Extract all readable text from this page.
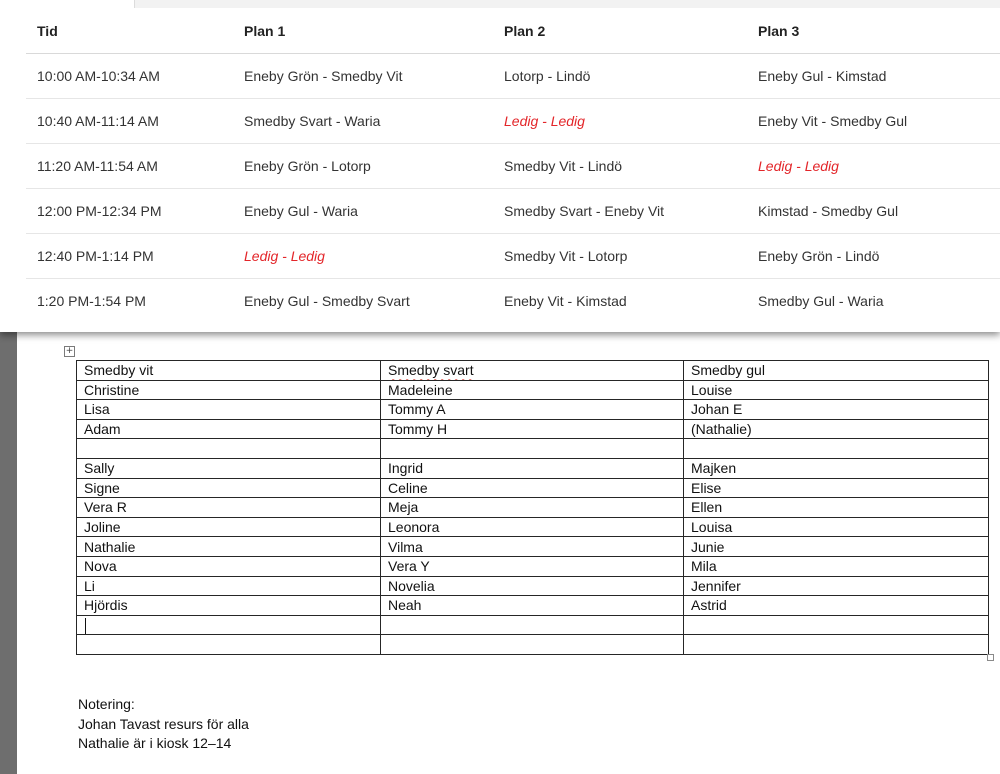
+
Smedby vit	Smedby svart	Smedby gul
Christine	Madeleine	Louise
Lisa	Tommy A	Johan E
Adam	Tommy H	(Nathalie)

Sally	Ingrid	Majken
Signe	Celine	Elise
Vera R	Meja	Ellen
Joline	Leonora	Louisa
Nathalie	Vilma	Junie
Nova	Vera Y	Mila
Li	Novelia	Jennifer
Hjördis	Neah	Astrid

Notering:
Johan Tavast resurs för alla
Nathalie är i kiosk 12–14
Tid	Plan 1	Plan 2	Plan 3
10:00 AM-10:34 AM	Eneby Grön - Smedby Vit	Lotorp - Lindö	Eneby Gul - Kimstad
10:40 AM-11:14 AM	Smedby Svart - Waria	Ledig - Ledig	Eneby Vit - Smedby Gul
11:20 AM-11:54 AM	Eneby Grön - Lotorp	Smedby Vit - Lindö	Ledig - Ledig
12:00 PM-12:34 PM	Eneby Gul - Waria	Smedby Svart - Eneby Vit	Kimstad - Smedby Gul
12:40 PM-1:14 PM	Ledig - Ledig	Smedby Vit - Lotorp	Eneby Grön - Lindö
1:20 PM-1:54 PM	Eneby Gul - Smedby Svart	Eneby Vit - Kimstad	Smedby Gul - Waria
